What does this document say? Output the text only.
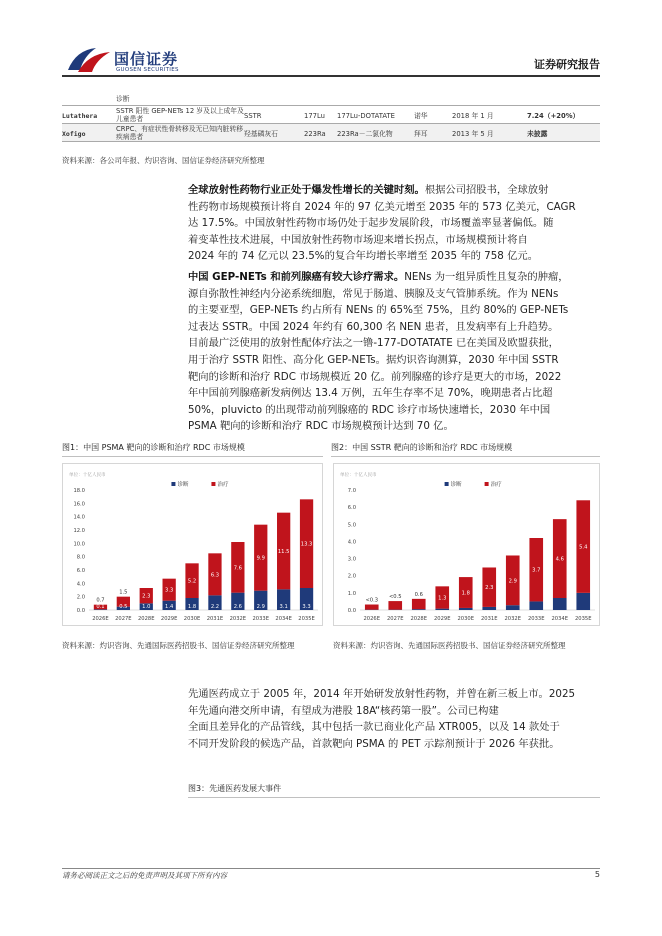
国信证券
GUOSEN SECURITIES	证券研究报告
诊断
Lutathera
SSTR 阳性 GEP-NETs 12 岁及以上成年及儿童患者	SSTR	177Lu 177Lu-DOTATATE	诺华	2018 年 1 月	7.24（+20%）
Xofigo
CRPC、有症状性骨转移及无已知内脏转移疾病患者	羟基磷灰石	223Ra 223Ra－二氯化物	拜耳	2013 年 5 月	未披露
资料来源：各公司年报、灼识咨询、国信证券经济研究所整理
全球放射性药物行业正处于爆发性增长的关键时刻。根据公司招股书，全球放射
性药物市场规模预计将自 2024 年的 97 亿美元增至 2035 年的 573 亿美元，CAGR
达 17.5%。中国放射性药物市场仍处于起步发展阶段，市场覆盖率显著偏低。随
着变革性技术进展，中国放射性药物市场迎来增长拐点，市场规模预计将自
2024 年的 74 亿元以 23.5%的复合年均增长率增至 2035 年的 758 亿元。
中国 GEP-NETs 和前列腺癌有较大诊疗需求。NENs 为一组异质性且复杂的肿瘤，
源自弥散性神经内分泌系统细胞，常见于肠道、胰腺及支气管肺系统。作为 NENs
的主要亚型，GEP-NETs 约占所有 NENs 的 65%至 75%，且约 80%的 GEP-NETs
过表达 SSTR。中国 2024 年约有 60,300 名 NEN 患者，且发病率有上升趋势。
目前最广泛使用的放射性配体疗法之一镥-177-DOTATATE 已在美国及欧盟获批，
用于治疗 SSTR 阳性、高分化 GEP-NETs。据灼识咨询测算，2030 年中国 SSTR
靶向的诊断和治疗 RDC 市场规模近 20 亿。前列腺癌的诊疗是更大的市场，2022
年中国前列腺癌新发病例达 13.4 万例，五年生存率不足 70%，晚期患者占比超
50%，pluvicto 的出现带动前列腺癌的 RDC 诊疗市场快速增长，2030 年中国
PSMA 靶向的诊断和治疗 RDC 市场规模预计达到 70 亿。
图1：中国 PSMA 靶向的诊断和治疗 RDC 市场规模
单位：十亿人民币
诊断	治疗
0.0
2.0
4.0
6.0
8.0
10.0
12.0
14.0
16.0
18.0
0.7
0.1
2026E
1.5
0.5
2027E
2.3
1.0
2028E
3.3
1.4
2029E
5.2
1.8
2030E
6.3
2.2
2031E
7.6
2.6
2032E
9.9
2.9
2033E
11.5
3.1
2034E
13.3
3.3
2035E
资料来源：灼识咨询、先通国际医药招股书、国信证券经济研究所整理
图2：中国 SSTR 靶向的诊断和治疗 RDC 市场规模
单位：十亿人民币
诊断	治疗
0.0
1.0
2.0
3.0
4.0
5.0
6.0
7.0
<0.3
2026E
<0.5
2027E
0.6
2028E
1.3
2029E
1.8
2030E
2.3
2031E
2.9
2032E
3.7
2033E
4.6
2034E
5.4
2035E
资料来源：灼识咨询、先通国际医药招股书、国信证券经济研究所整理
先通医药成立于 2005 年，2014 年开始研发放射性药物，并曾在新三板上市。2025
年先通向港交所申请，有望成为港股 18A“核药第一股”。公司已构建
全面且差异化的产品管线，其中包括一款已商业化产品 XTR005，以及 14 款处于
不同开发阶段的候选产品，首款靶向 PSMA 的 PET 示踪剂预计于 2026 年获批。
图3：先通医药发展大事件
请务必阅读正文之后的免责声明及其项下所有内容	5
